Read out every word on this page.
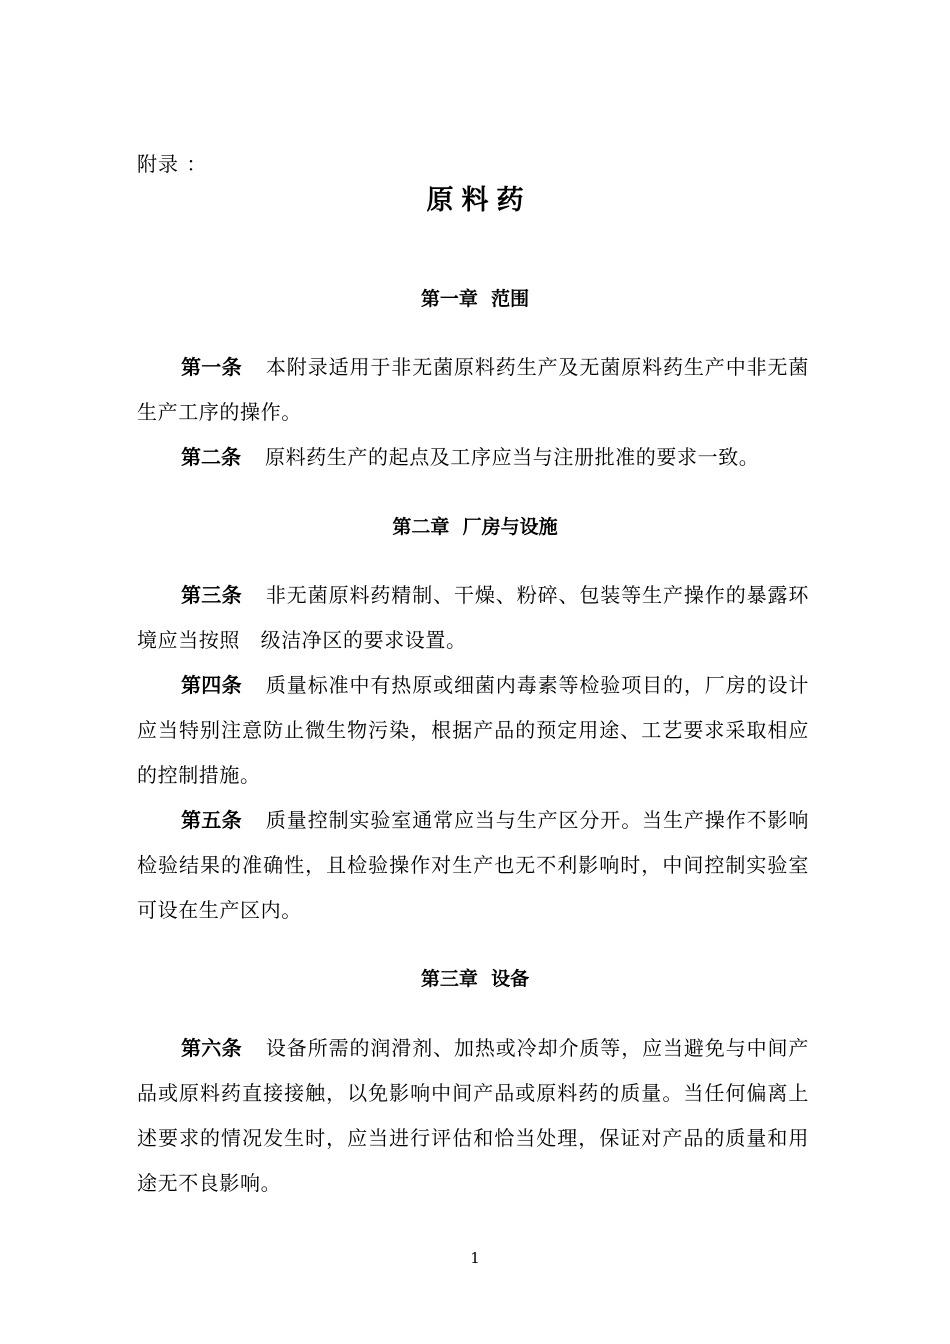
附录 ：
原料药
第一章  范围
第一条 本附录适用于非无菌原料药生产及无菌原料药生产中非无菌生产工序的操作。
第二条 原料药生产的起点及工序应当与注册批准的要求一致。
第二章  厂房与设施
第三条 非无菌原料药精制、干燥、粉碎、包装等生产操作的暴露环境应当按照　级洁净区的要求设置。
第四条 质量标准中有热原或细菌内毒素等检验项目的，厂房的设计应当特别注意防止微生物污染，根据产品的预定用途、工艺要求采取相应的控制措施。
第五条 质量控制实验室通常应当与生产区分开。当生产操作不影响检验结果的准确性，且检验操作对生产也无不利影响时，中间控制实验室可设在生产区内。
第三章  设备
第六条 设备所需的润滑剂、加热或冷却介质等，应当避免与中间产品或原料药直接接触，以免影响中间产品或原料药的质量。当任何偏离上述要求的情况发生时，应当进行评估和恰当处理，保证对产品的质量和用途无不良影响。
1
